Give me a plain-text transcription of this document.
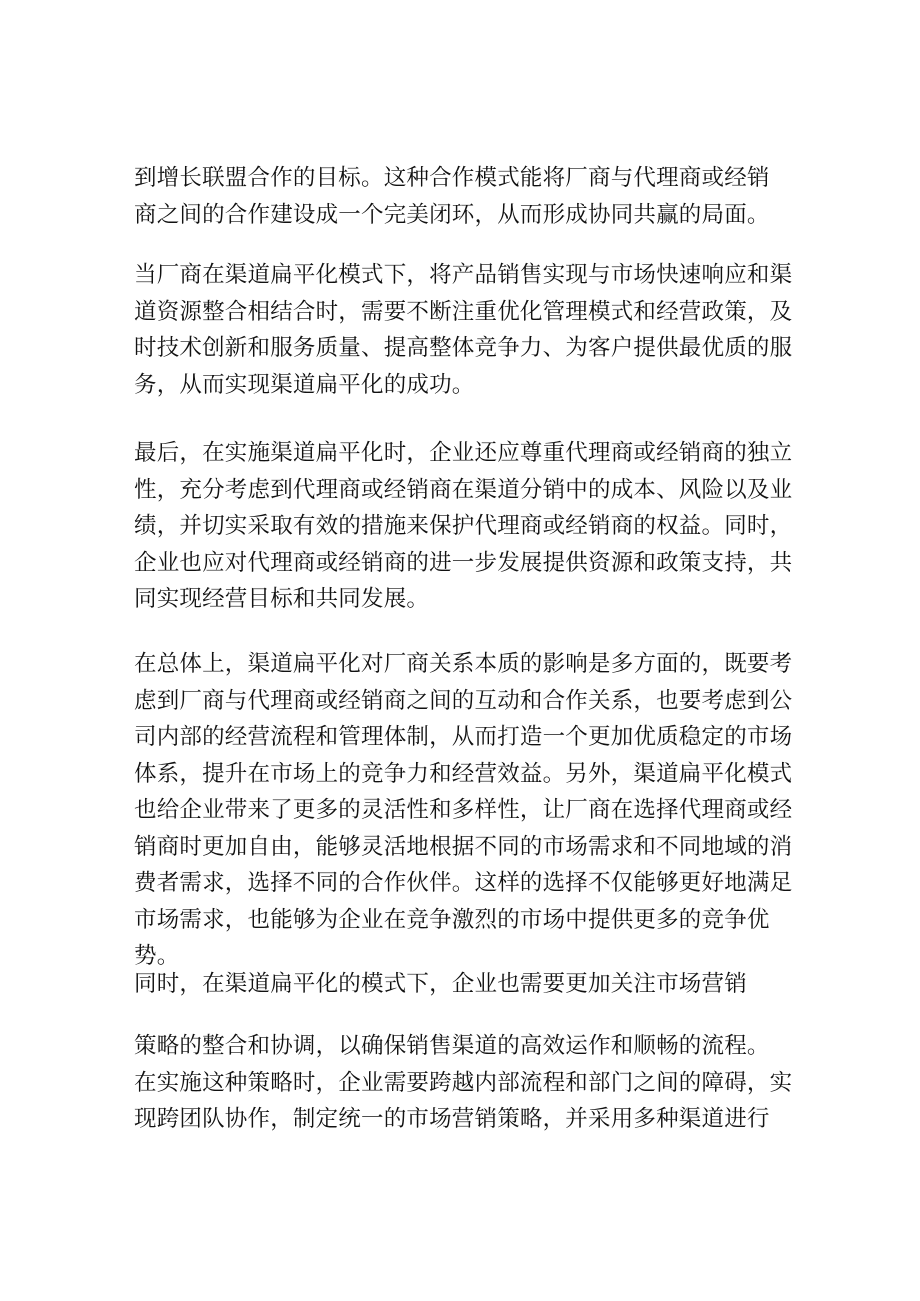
到增长联盟合作的目标。这种合作模式能将厂商与代理商或经销
商之间的合作建设成一个完美闭环，从而形成协同共赢的局面。

当厂商在渠道扁平化模式下，将产品销售实现与市场快速响应和渠
道资源整合相结合时，需要不断注重优化管理模式和经营政策，及
时技术创新和服务质量、提高整体竞争力、为客户提供最优质的服
务，从而实现渠道扁平化的成功。

最后，在实施渠道扁平化时，企业还应尊重代理商或经销商的独立
性，充分考虑到代理商或经销商在渠道分销中的成本、风险以及业
绩，并切实采取有效的措施来保护代理商或经销商的权益。同时，
企业也应对代理商或经销商的进一步发展提供资源和政策支持，共
同实现经营目标和共同发展。

在总体上，渠道扁平化对厂商关系本质的影响是多方面的，既要考
虑到厂商与代理商或经销商之间的互动和合作关系，也要考虑到公
司内部的经营流程和管理体制，从而打造一个更加优质稳定的市场
体系，提升在市场上的竞争力和经营效益。另外，渠道扁平化模式
也给企业带来了更多的灵活性和多样性，让厂商在选择代理商或经
销商时更加自由，能够灵活地根据不同的市场需求和不同地域的消
费者需求，选择不同的合作伙伴。这样的选择不仅能够更好地满足
市场需求，也能够为企业在竞争激烈的市场中提供更多的竞争优势。

同时，在渠道扁平化的模式下，企业也需要更加关注市场营销

策略的整合和协调，以确保销售渠道的高效运作和顺畅的流程。
在实施这种策略时，企业需要跨越内部流程和部门之间的障碍，实
现跨团队协作，制定统一的市场营销策略，并采用多种渠道进行
